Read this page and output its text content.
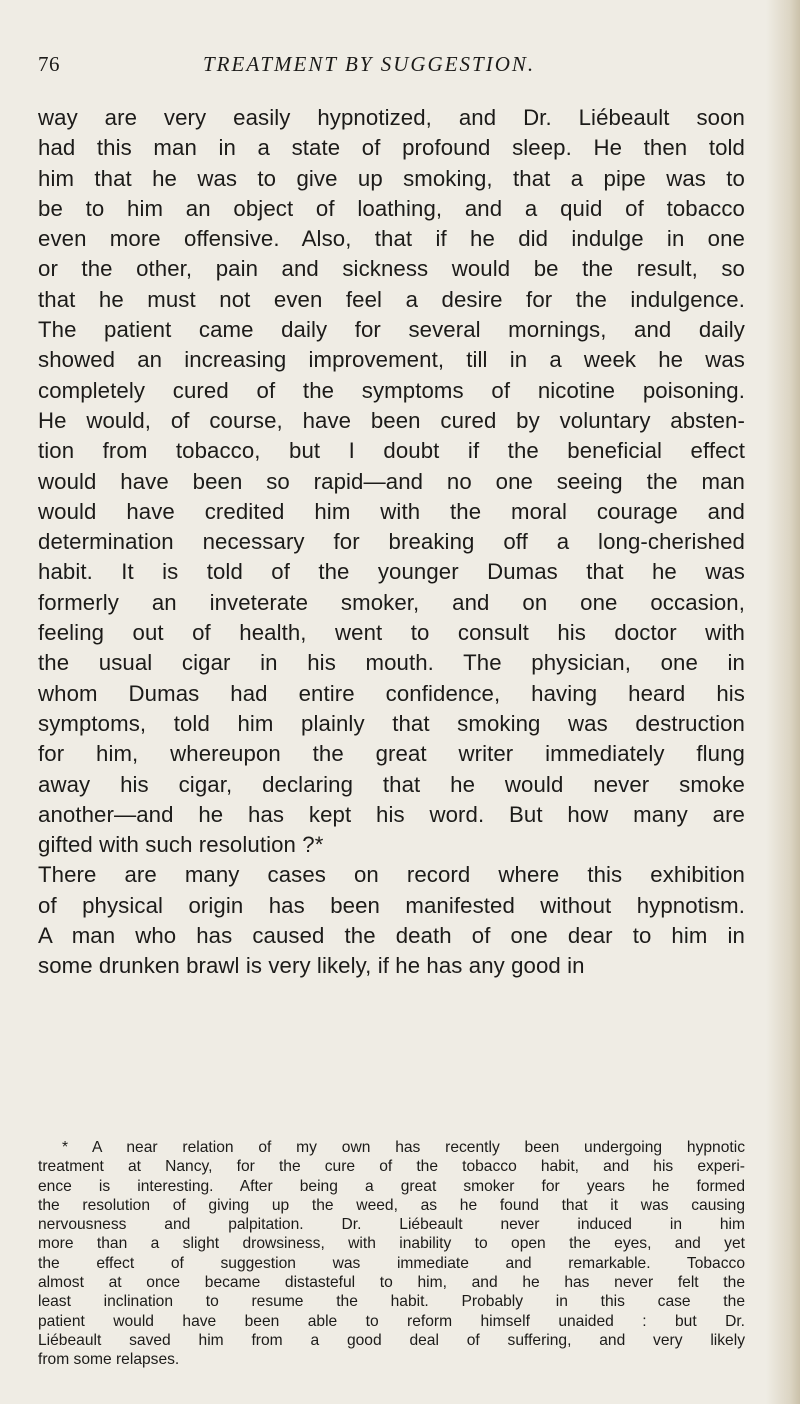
76	TREATMENT BY SUGGESTION.
way are very easily hypnotized, and Dr. Liébeault soon
had this man in a state of profound sleep. He then told
him that he was to give up smoking, that a pipe was to
be to him an object of loathing, and a quid of tobacco
even more offensive. Also, that if he did indulge in one
or the other, pain and sickness would be the result, so
that he must not even feel a desire for the indulgence.
The patient came daily for several mornings, and daily
showed an increasing improvement, till in a week he was
completely cured of the symptoms of nicotine poisoning.
He would, of course, have been cured by voluntary absten-
tion from tobacco, but I doubt if the beneficial effect
would have been so rapid—and no one seeing the man
would have credited him with the moral courage and
determination necessary for breaking off a long-cherished
habit. It is told of the younger Dumas that he was
formerly an inveterate smoker, and on one occasion,
feeling out of health, went to consult his doctor with
the usual cigar in his mouth. The physician, one in
whom Dumas had entire confidence, having heard his
symptoms, told him plainly that smoking was destruction
for him, whereupon the great writer immediately flung
away his cigar, declaring that he would never smoke
another—and he has kept his word. But how many are
gifted with such resolution ?*
There are many cases on record where this exhibition
of physical origin has been manifested without hypnotism.
A man who has caused the death of one dear to him in
some drunken brawl is very likely, if he has any good in
* A near relation of my own has recently been undergoing hypnotic
treatment at Nancy, for the cure of the tobacco habit, and his experi-
ence is interesting. After being a great smoker for years he formed
the resolution of giving up the weed, as he found that it was causing
nervousness and palpitation. Dr. Liébeault never induced in him
more than a slight drowsiness, with inability to open the eyes, and yet
the effect of suggestion was immediate and remarkable. Tobacco
almost at once became distasteful to him, and he has never felt the
least inclination to resume the habit. Probably in this case the
patient would have been able to reform himself unaided : but Dr.
Liébeault saved him from a good deal of suffering, and very likely
from some relapses.
